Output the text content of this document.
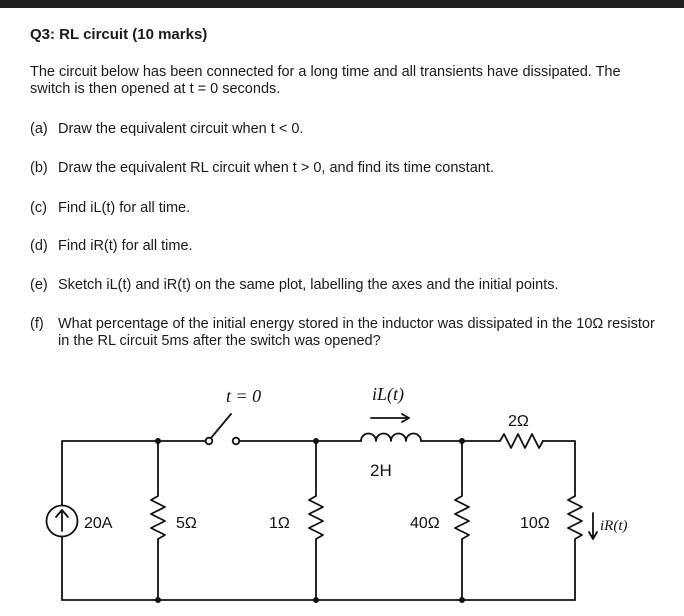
Q3: RL circuit (10 marks)
The circuit below has been connected for a long time and all transients have dissipated. The switch is then opened at t = 0 seconds.
(a) Draw the equivalent circuit when t < 0.
(b) Draw the equivalent RL circuit when t > 0, and find its time constant.
(c) Find iL(t) for all time.
(d) Find iR(t) for all time.
(e) Sketch iL(t) and iR(t) on the same plot, labelling the axes and the initial points.
(f) What percentage of the initial energy stored in the inductor was dissipated in the 10Ω resistor in the RL circuit 5ms after the switch was opened?
t = 0	iL(t)
2H
2Ω
20A	5Ω	1Ω	40Ω	10Ω	iR(t)
